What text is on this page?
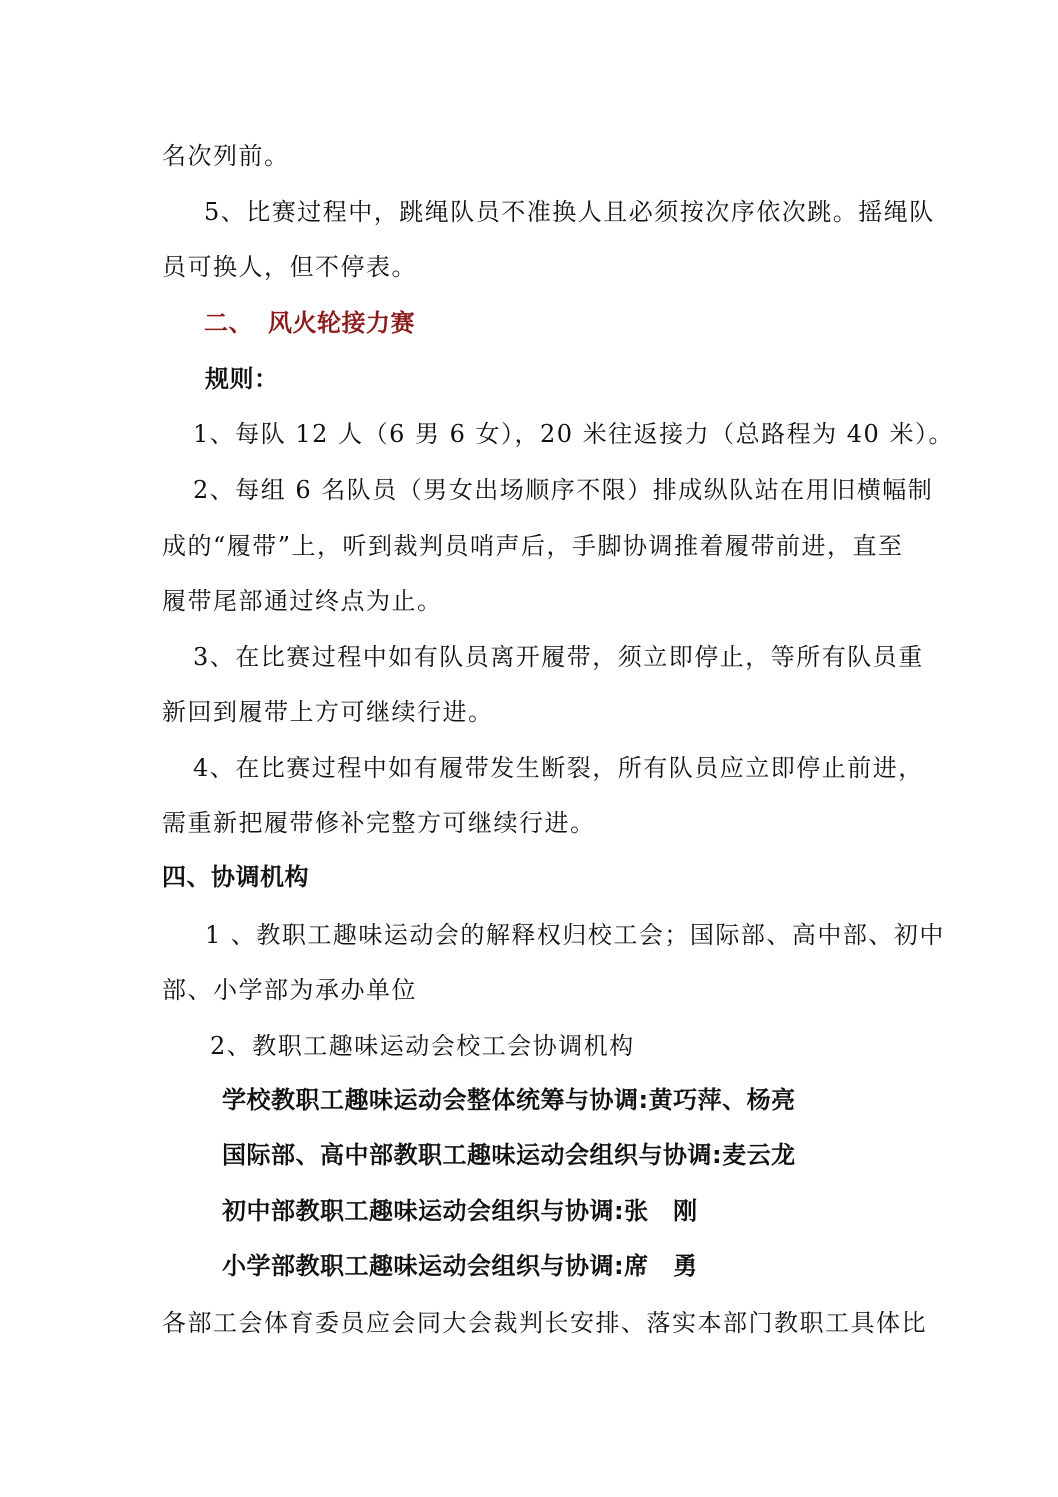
名次列前。
5、比赛过程中，跳绳队员不准换人且必须按次序依次跳。摇绳队
员可换人，但不停表。
二、 风火轮接力赛
规则：
1、每队 12 人（6 男 6 女），20 米往返接力（总路程为 40 米）。
2、每组 6 名队员（男女出场顺序不限）排成纵队站在用旧横幅制
成的“履带”上，听到裁判员哨声后，手脚协调推着履带前进，直至
履带尾部通过终点为止。
3、在比赛过程中如有队员离开履带，须立即停止，等所有队员重
新回到履带上方可继续行进。
4、在比赛过程中如有履带发生断裂，所有队员应立即停止前进，
需重新把履带修补完整方可继续行进。
四、协调机构
1 、教职工趣味运动会的解释权归校工会；国际部、高中部、初中
部、小学部为承办单位
2、教职工趣味运动会校工会协调机构
学校教职工趣味运动会整体统筹与协调:黄巧萍、杨亮
国际部、高中部教职工趣味运动会组织与协调:麦云龙
初中部教职工趣味运动会组织与协调:张　刚
小学部教职工趣味运动会组织与协调:席　勇
各部工会体育委员应会同大会裁判长安排、落实本部门教职工具体比
